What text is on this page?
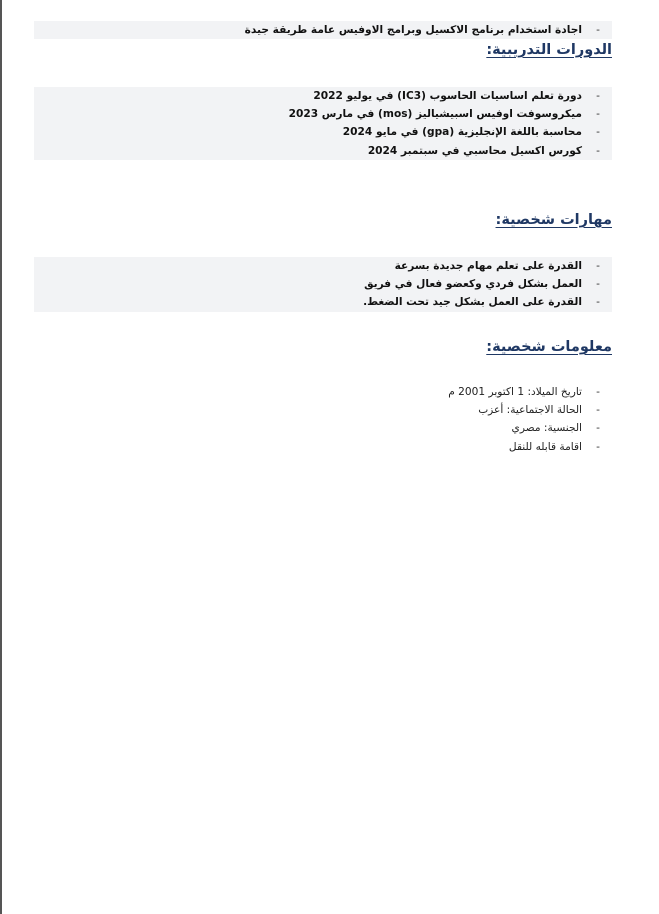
-
اجادة استخدام برنامج الاكسيل وبرامج الاوفيس عامة طريقة جيدة
الدورات التدريبية:
-
دورة تعلم اساسيات الحاسوب (IC3) في يوليو 2022
-
ميكروسوفت اوفيس اسبيشياليز (mos) في مارس 2023
-
محاسبة باللغة الإنجليزية (gpa) في مايو 2024
-
كورس اكسيل محاسبي في سبتمبر 2024
مهارات شخصية:
-
القدرة على تعلم مهام جديدة بسرعة
-
العمل بشكل فردي وكعضو فعال في فريق
-
القدرة على العمل بشكل جيد تحت الضغط.
معلومات شخصية:
-
تاريخ الميلاد: 1 اكتوبر 2001 م
-
الحالة الاجتماعية: أعزب
-
الجنسية: مصري
-
اقامة قابله للنقل
